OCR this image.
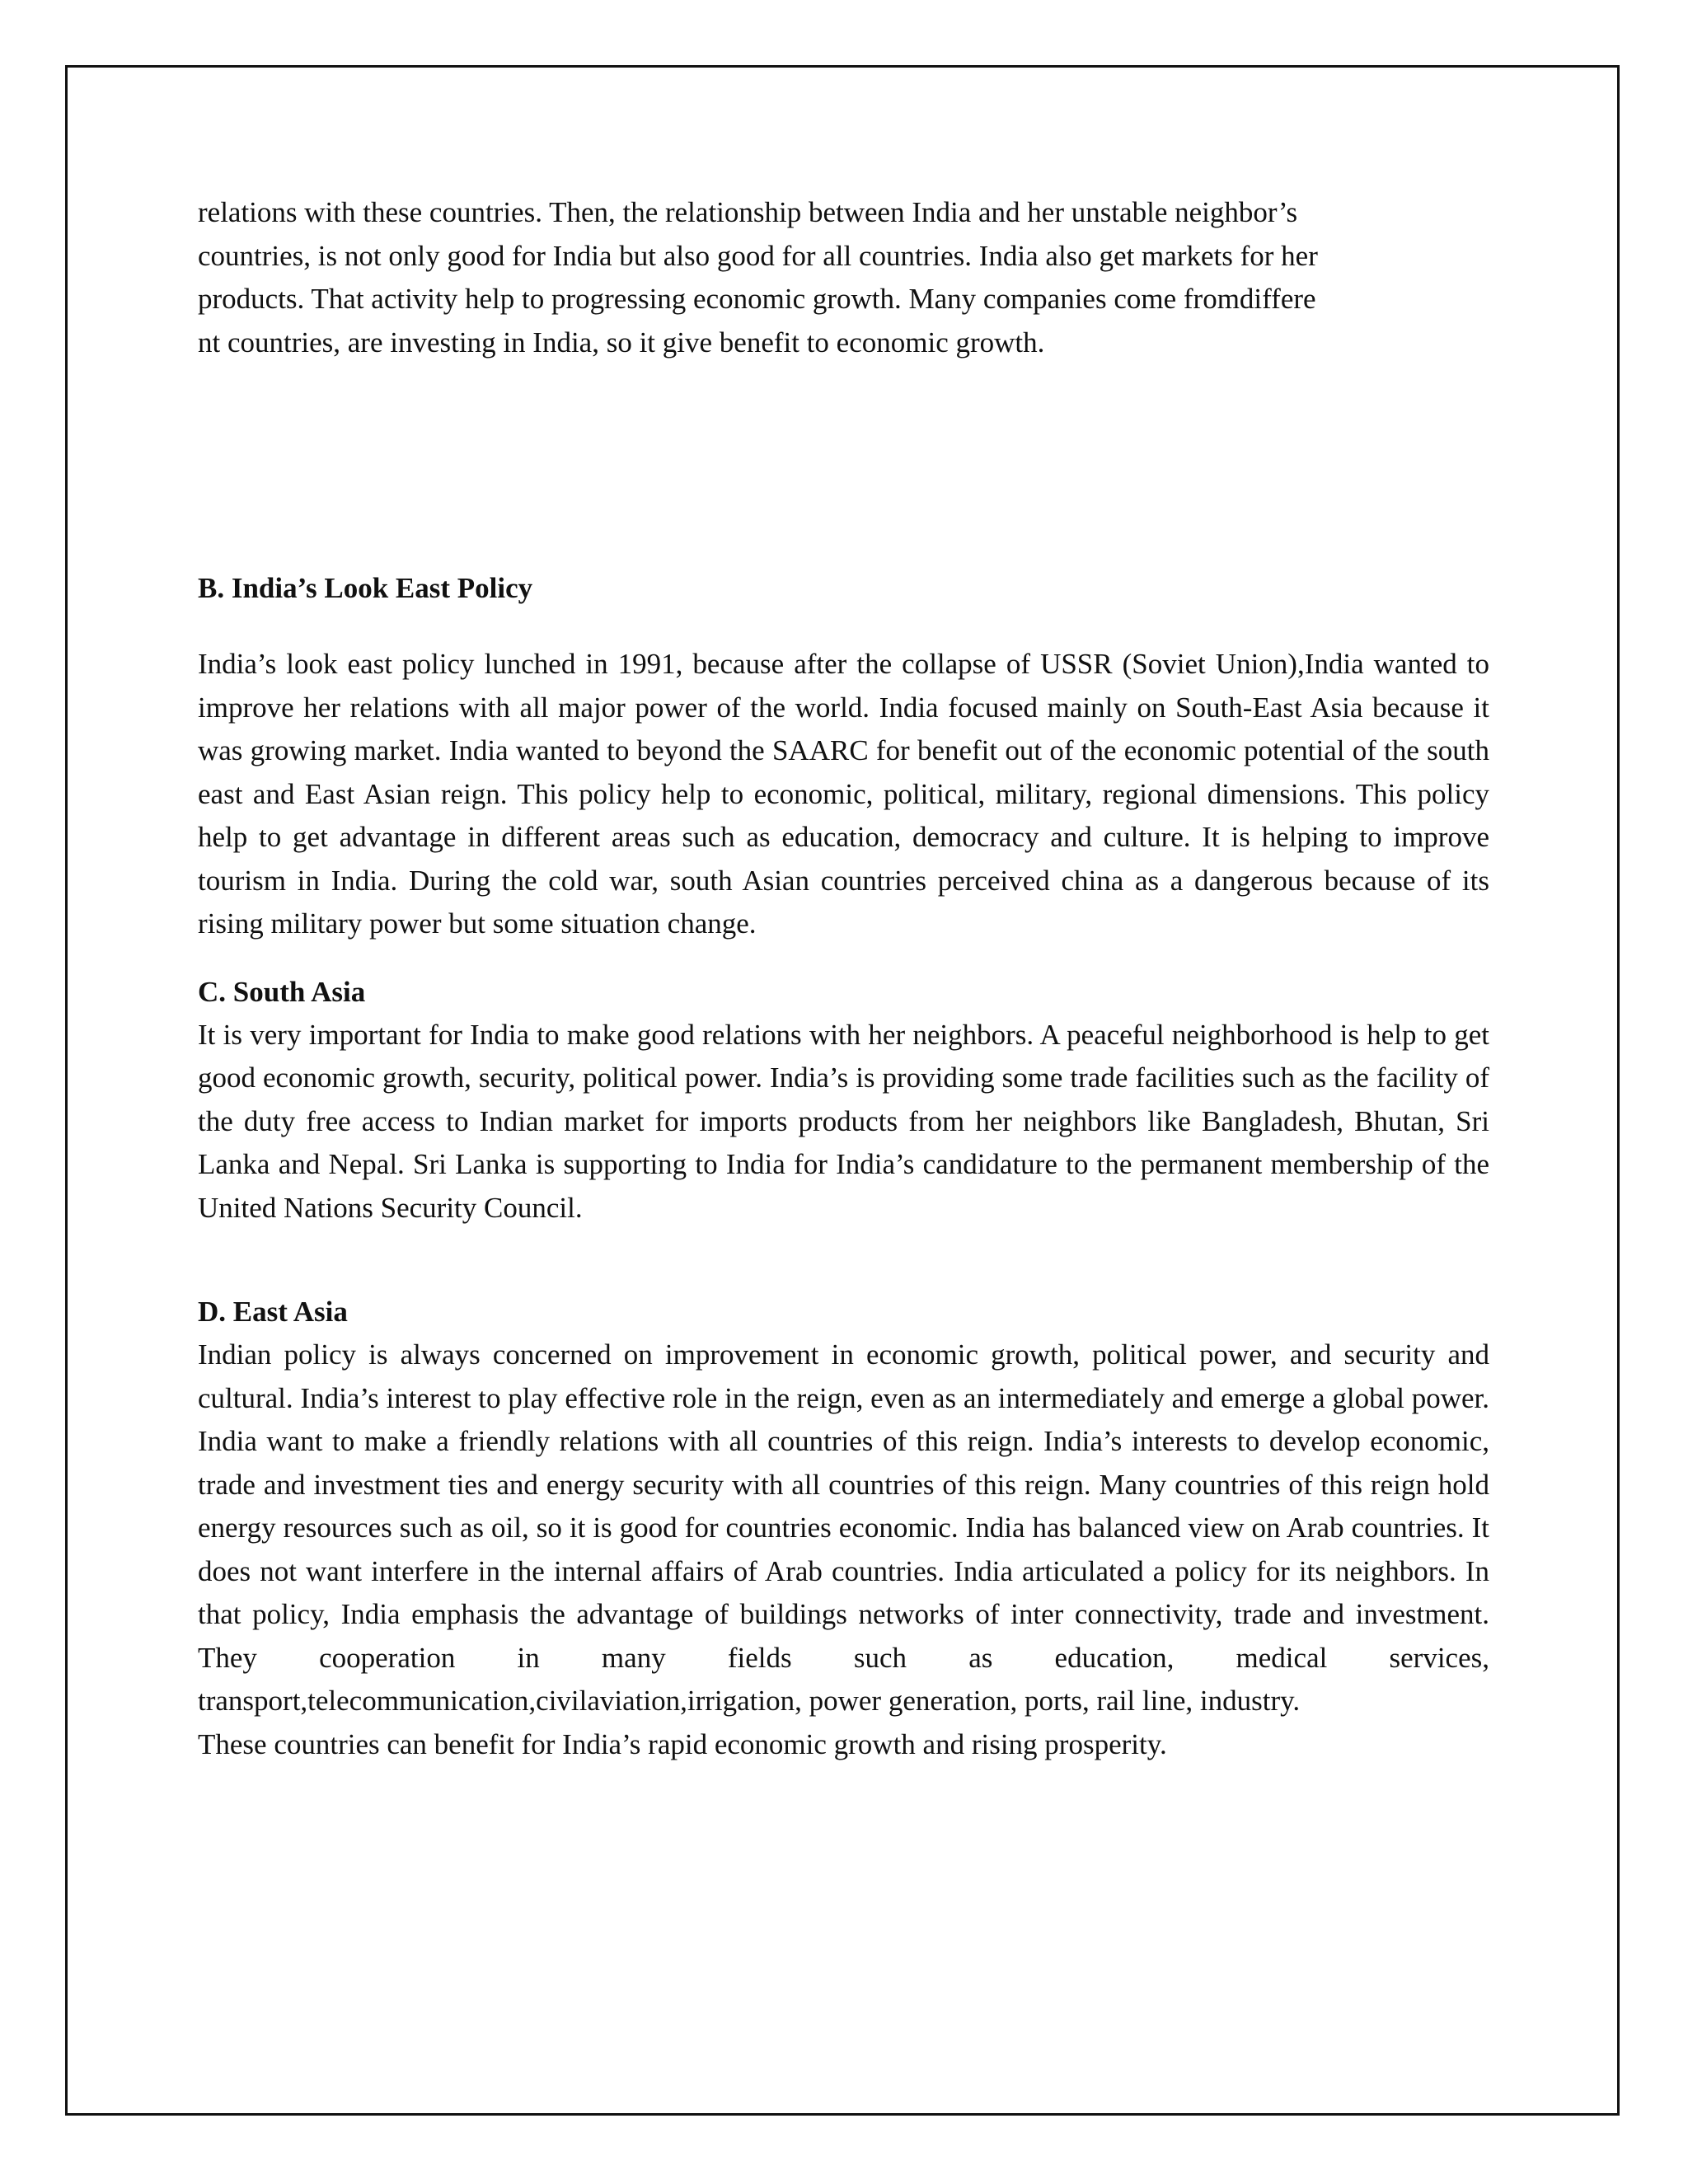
relations with these countries. Then, the relationship between India and her unstable neighbor’s
countries, is not only good for India but also good for all countries. India also get markets for her
products. That activity help to progressing economic growth. Many companies come fromdiffere
nt countries, are investing in India, so it give benefit to economic growth.

B. India’s Look East Policy

India’s look east policy lunched in 1991, because after the collapse of USSR (Soviet Union),India wanted to improve her relations with all major power of the world. India focused mainly on South-East Asia because it was growing market. India wanted to beyond the SAARC for benefit out of the economic potential of the south east and East Asian reign. This policy help to economic, political, military, regional dimensions. This policy help to get advantage in different areas such as education, democracy and culture. It is helping to improve tourism in India. During the cold war, south Asian countries perceived china as a dangerous because of its rising military power but some situation change.

C. South Asia

It is very important for India to make good relations with her neighbors. A peaceful neighborhood is help to get good economic growth, security, political power. India’s is providing some trade facilities such as the facility of the duty free access to Indian market for imports products from her neighbors like Bangladesh, Bhutan, Sri Lanka and Nepal. Sri Lanka is supporting to India for India’s candidature to the permanent membership of the United Nations Security Council.

D. East Asia

Indian policy is always concerned on improvement in economic growth, political power, and security and cultural. India’s interest to play effective role in the reign, even as an intermediately and emerge a global power. India want to make a friendly relations with all countries of this reign. India’s interests to develop economic, trade and investment ties and energy security with all countries of this reign. Many countries of this reign hold energy resources such as oil, so it is good for countries economic. India has balanced view on Arab countries. It does not want interfere in the internal affairs of Arab countries. India articulated a policy for its neighbors. In that policy, India emphasis the advantage of buildings networks of inter connectivity, trade and investment. They cooperation in many fields such as education, medical services, transport,telecommunication,civilaviation,irrigation, power generation, ports, rail line, industry.

These countries can benefit for India’s rapid economic growth and rising prosperity.
